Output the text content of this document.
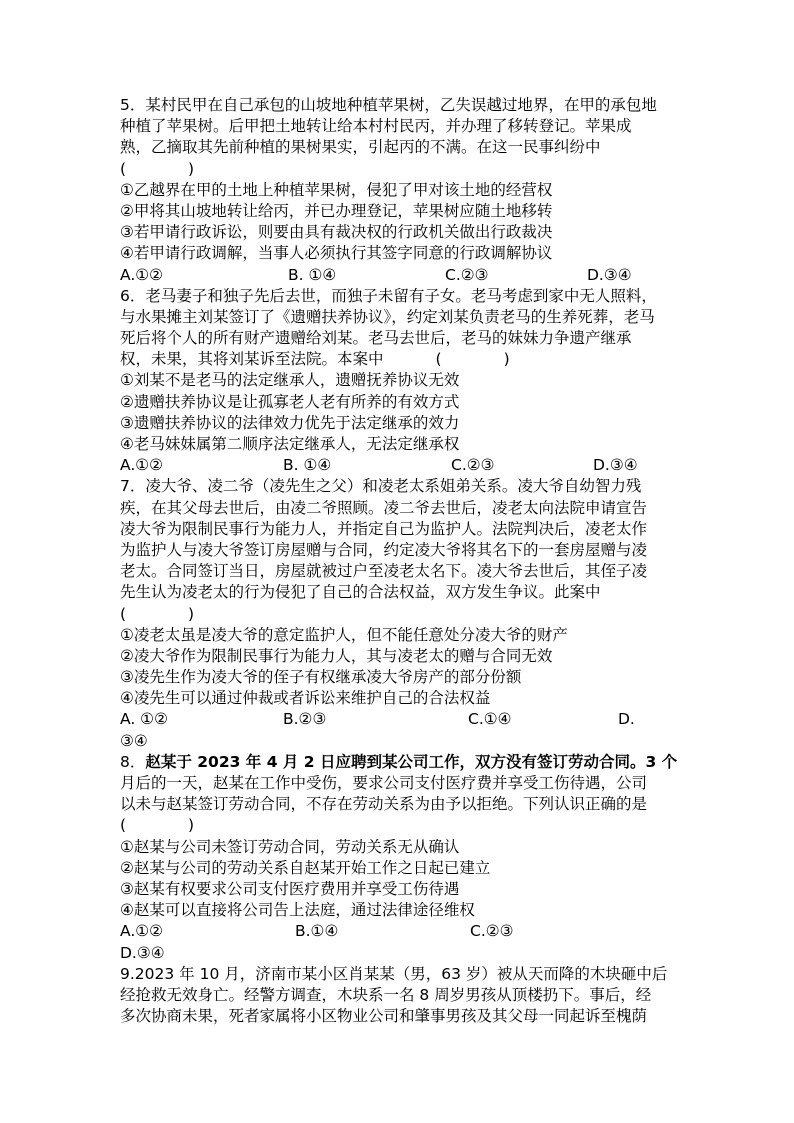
5．某村民甲在自己承包的山坡地种植苹果树，乙失误越过地界，在甲的承包地
种植了苹果树。后甲把土地转让给本村村民丙，并办理了移转登记。苹果成
熟，乙摘取其先前种植的果树果实，引起丙的不满。在这一民事纠纷中
(　　　　)
①乙越界在甲的土地上种植苹果树，侵犯了甲对该土地的经营权
②甲将其山坡地转让给丙，并已办理登记，苹果树应随土地移转
③若甲请行政诉讼，则要由具有裁决权的行政机关做出行政裁决
④若甲请行政调解，当事人必须执行其签字同意的行政调解协议
A.①②	B. ①④	C.②③	D.③④
6．老马妻子和独子先后去世，而独子未留有子女。老马考虑到家中无人照料，
与水果摊主刘某签订了《遗赠扶养协议》，约定刘某负责老马的生养死葬，老马
死后将个人的所有财产遗赠给刘某。老马去世后，老马的妹妹力争遗产继承
权，未果，其将刘某诉至法院。本案中	(　　　　)
①刘某不是老马的法定继承人，遗赠抚养协议无效
②遗赠扶养协议是让孤寡老人老有所养的有效方式
③遗赠扶养协议的法律效力优先于法定继承的效力
④老马妹妹属第二顺序法定继承人，无法定继承权
A.①②	B. ①④	C.②③	D.③④
7．凌大爷、凌二爷（凌先生之父）和凌老太系姐弟关系。凌大爷自幼智力残
疾，在其父母去世后，由凌二爷照顾。凌二爷去世后，凌老太向法院申请宣告
凌大爷为限制民事行为能力人，并指定自己为监护人。法院判决后，凌老太作
为监护人与凌大爷签订房屋赠与合同，约定凌大爷将其名下的一套房屋赠与凌
老太。合同签订当日，房屋就被过户至凌老太名下。凌大爷去世后，其侄子凌
先生认为凌老太的行为侵犯了自己的合法权益，双方发生争议。此案中
(　　　　)
①凌老太虽是凌大爷的意定监护人，但不能任意处分凌大爷的财产
②凌大爷作为限制民事行为能力人，其与凌老太的赠与合同无效
③凌先生作为凌大爷的侄子有权继承凌大爷房产的部分份额
④凌先生可以通过仲裁或者诉讼来维护自己的合法权益
A. ①②	B.②③	C.①④	D.
③④
8．赵某于 2023 年 4 月 2 日应聘到某公司工作，双方没有签订劳动合同。3 个
月后的一天，赵某在工作中受伤，要求公司支付医疗费并享受工伤待遇，公司
以未与赵某签订劳动合同，不存在劳动关系为由予以拒绝。下列认识正确的是
(　　　　)
①赵某与公司未签订劳动合同，劳动关系无从确认
②赵某与公司的劳动关系自赵某开始工作之日起已建立
③赵某有权要求公司支付医疗费用并享受工伤待遇
④赵某可以直接将公司告上法庭，通过法律途径维权
A.①②	B.①④	C.②③
D.③④
9.2023 年 10 月，济南市某小区肖某某（男，63 岁）被从天而降的木块砸中后
经抢救无效身亡。经警方调查，木块系一名 8 周岁男孩从顶楼扔下。事后，经
多次协商未果，死者家属将小区物业公司和肇事男孩及其父母一同起诉至槐荫
